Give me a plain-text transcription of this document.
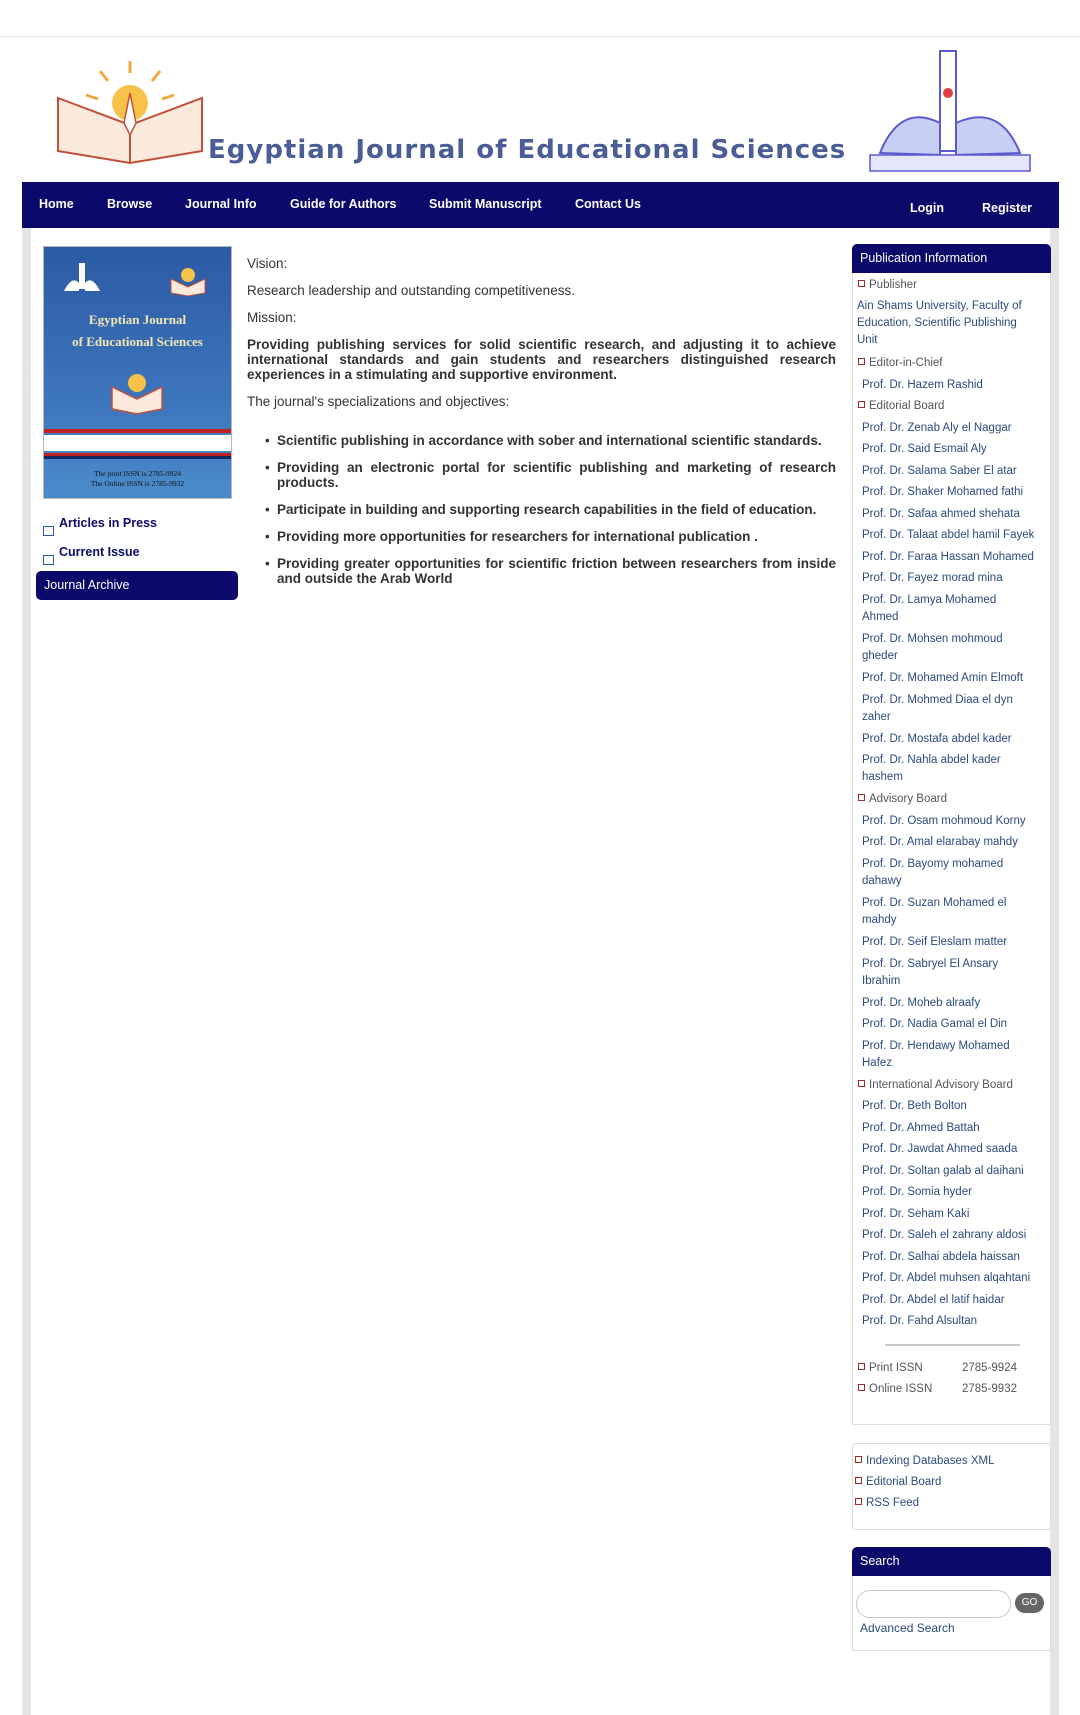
Egyptian Journal of Educational Sciences
Home	Browse	Journal Info	Guide for Authors	Submit Manuscript	Contact Us	Login	Register
Egyptian Journal
of Educational Sciences
The print ISSN is 2785-9924
The Online ISSN is 2785-9932
Articles in Press
Current Issue
Journal Archive

Vision:

Research leadership and outstanding competitiveness.

Mission:

Providing publishing services for solid scientific research, and adjusting it to achieve international standards and gain students and researchers distinguished research experiences in a stimulating and supportive environment.

The journal's specializations and objectives:

• Scientific publishing in accordance with sober and international scientific standards.
• Providing an electronic portal for scientific publishing and marketing of research products.
• Participate in building and supporting research capabilities in the field of education.
• Providing more opportunities for researchers for international publication .
• Providing greater opportunities for scientific friction between researchers from inside and outside the Arab World
Publication Information
Publisher
Ain Shams University, Faculty of Education, Scientific Publishing Unit
Editor-in-Chief
Prof. Dr. Hazem Rashid
Editorial Board
Prof. Dr. Zenab Aly el Naggar
Prof. Dr. Said Esmail Aly
Prof. Dr. Salama Saber El atar
Prof. Dr. Shaker Mohamed fathi
Prof. Dr. Safaa ahmed shehata
Prof. Dr. Talaat abdel hamil Fayek
Prof. Dr. Faraa Hassan Mohamed
Prof. Dr. Fayez morad mina
Prof. Dr. Lamya Mohamed Ahmed
Prof. Dr. Mohsen mohmoud gheder
Prof. Dr. Mohamed Amin Elmoft
Prof. Dr. Mohmed Diaa el dyn zaher
Prof. Dr. Mostafa abdel kader
Prof. Dr. Nahla abdel kader hashem
Advisory Board
Prof. Dr. Osam mohmoud Korny
Prof. Dr. Amal elarabay mahdy
Prof. Dr. Bayomy mohamed dahawy
Prof. Dr. Suzan Mohamed el mahdy
Prof. Dr. Seif Eleslam matter
Prof. Dr. Sabryel El Ansary Ibrahim
Prof. Dr. Moheb alraafy
Prof. Dr. Nadia Gamal el Din
Prof. Dr. Hendawy Mohamed Hafez
International Advisory Board
Prof. Dr. Beth Bolton
Prof. Dr. Ahmed Battah
Prof. Dr. Jawdat Ahmed saada
Prof. Dr. Soltan galab al daihani
Prof. Dr. Somia hyder
Prof. Dr. Seham Kaki
Prof. Dr. Saleh el zahrany aldosi
Prof. Dr. Salhai abdela haissan
Prof. Dr. Abdel muhsen alqahtani
Prof. Dr. Abdel el latif haidar
Prof. Dr. Fahd Alsultan
Print ISSN	2785-9924
Online ISSN	2785-9932
Indexing Databases XML
Editorial Board
RSS Feed
Search
GO
Advanced Search
